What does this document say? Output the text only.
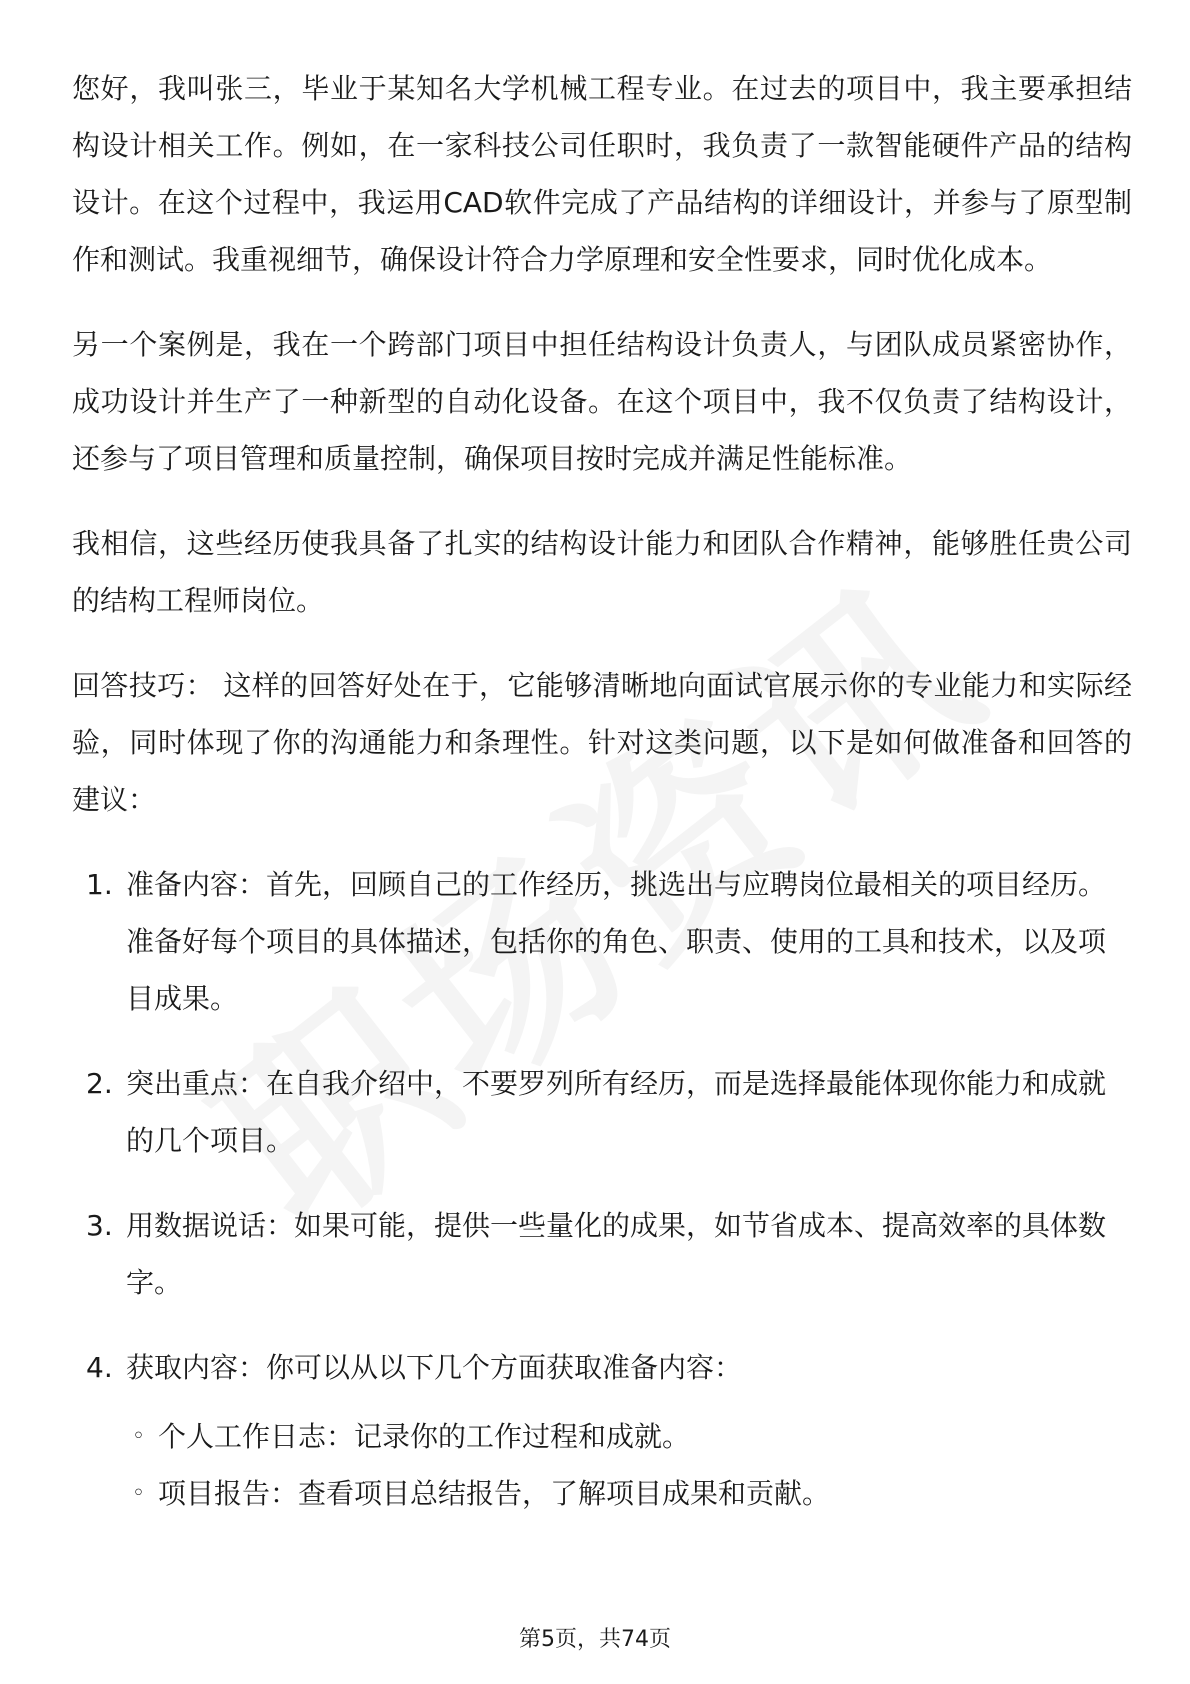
您好，我叫张三，毕业于某知名大学机械工程专业。在过去的项目中，我主要承担结构设计相关工作。例如，在一家科技公司任职时，我负责了一款智能硬件产品的结构设计。在这个过程中，我运用CAD软件完成了产品结构的详细设计，并参与了原型制作和测试。我重视细节，确保设计符合力学原理和安全性要求，同时优化成本。

另一个案例是，我在一个跨部门项目中担任结构设计负责人，与团队成员紧密协作，成功设计并生产了一种新型的自动化设备。在这个项目中，我不仅负责了结构设计，还参与了项目管理和质量控制，确保项目按时完成并满足性能标准。

我相信，这些经历使我具备了扎实的结构设计能力和团队合作精神，能够胜任贵公司的结构工程师岗位。

回答技巧： 这样的回答好处在于，它能够清晰地向面试官展示你的专业能力和实际经验，同时体现了你的沟通能力和条理性。针对这类问题，以下是如何做准备和回答的建议：

1. 准备内容：首先，回顾自己的工作经历，挑选出与应聘岗位最相关的项目经历。准备好每个项目的具体描述，包括你的角色、职责、使用的工具和技术，以及项目成果。
2. 突出重点：在自我介绍中，不要罗列所有经历，而是选择最能体现你能力和成就的几个项目。
3. 用数据说话：如果可能，提供一些量化的成果，如节省成本、提高效率的具体数字。
4. 获取内容：你可以从以下几个方面获取准备内容：
◦ 个人工作日志：记录你的工作过程和成就。
◦ 项目报告：查看项目总结报告，了解项目成果和贡献。
第5页，共74页
